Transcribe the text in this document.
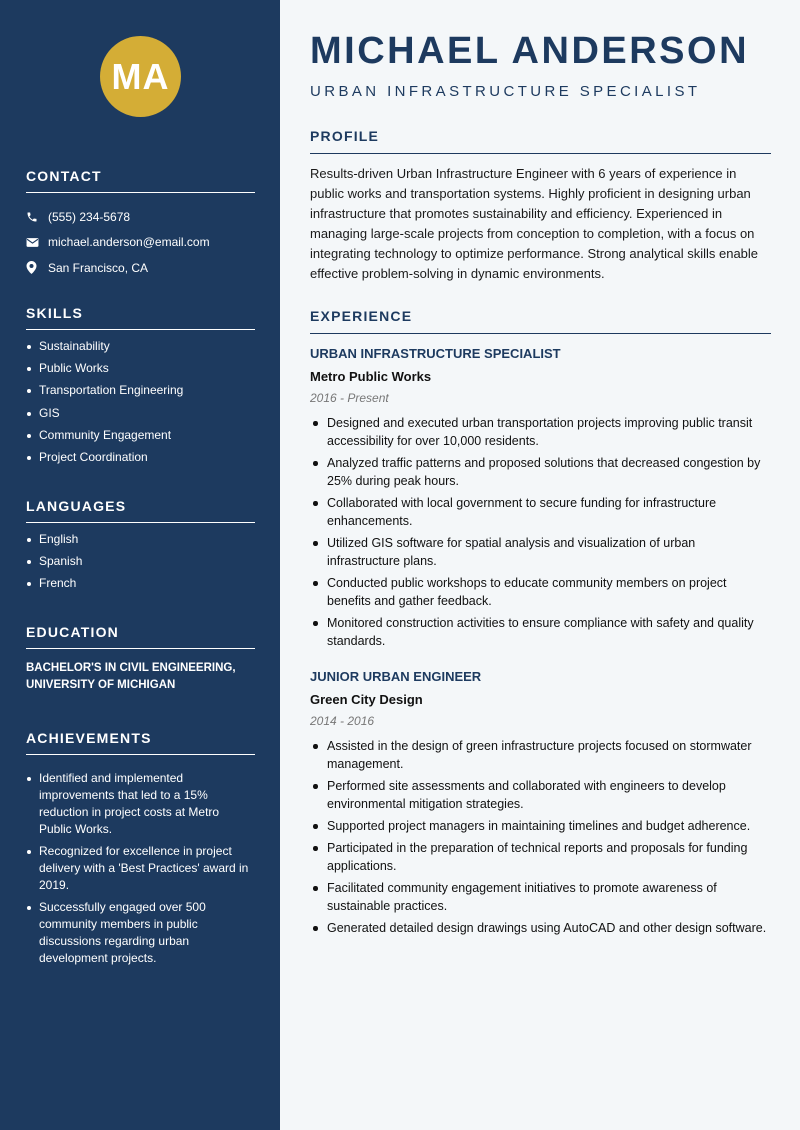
MA
CONTACT
(555) 234-5678
michael.anderson@email.com
San Francisco, CA
SKILLS
Sustainability
Public Works
Transportation Engineering
GIS
Community Engagement
Project Coordination
LANGUAGES
English
Spanish
French
EDUCATION
BACHELOR'S IN CIVIL ENGINEERING, UNIVERSITY OF MICHIGAN
ACHIEVEMENTS
Identified and implemented improvements that led to a 15% reduction in project costs at Metro Public Works.
Recognized for excellence in project delivery with a 'Best Practices' award in 2019.
Successfully engaged over 500 community members in public discussions regarding urban development projects.
MICHAEL ANDERSON
URBAN INFRASTRUCTURE SPECIALIST
PROFILE
Results-driven Urban Infrastructure Engineer with 6 years of experience in public works and transportation systems. Highly proficient in designing urban infrastructure that promotes sustainability and efficiency. Experienced in managing large-scale projects from conception to completion, with a focus on integrating technology to optimize performance. Strong analytical skills enable effective problem-solving in dynamic environments.
EXPERIENCE
URBAN INFRASTRUCTURE SPECIALIST
Metro Public Works
2016 - Present
Designed and executed urban transportation projects improving public transit accessibility for over 10,000 residents.
Analyzed traffic patterns and proposed solutions that decreased congestion by 25% during peak hours.
Collaborated with local government to secure funding for infrastructure enhancements.
Utilized GIS software for spatial analysis and visualization of urban infrastructure plans.
Conducted public workshops to educate community members on project benefits and gather feedback.
Monitored construction activities to ensure compliance with safety and quality standards.
JUNIOR URBAN ENGINEER
Green City Design
2014 - 2016
Assisted in the design of green infrastructure projects focused on stormwater management.
Performed site assessments and collaborated with engineers to develop environmental mitigation strategies.
Supported project managers in maintaining timelines and budget adherence.
Participated in the preparation of technical reports and proposals for funding applications.
Facilitated community engagement initiatives to promote awareness of sustainable practices.
Generated detailed design drawings using AutoCAD and other design software.
